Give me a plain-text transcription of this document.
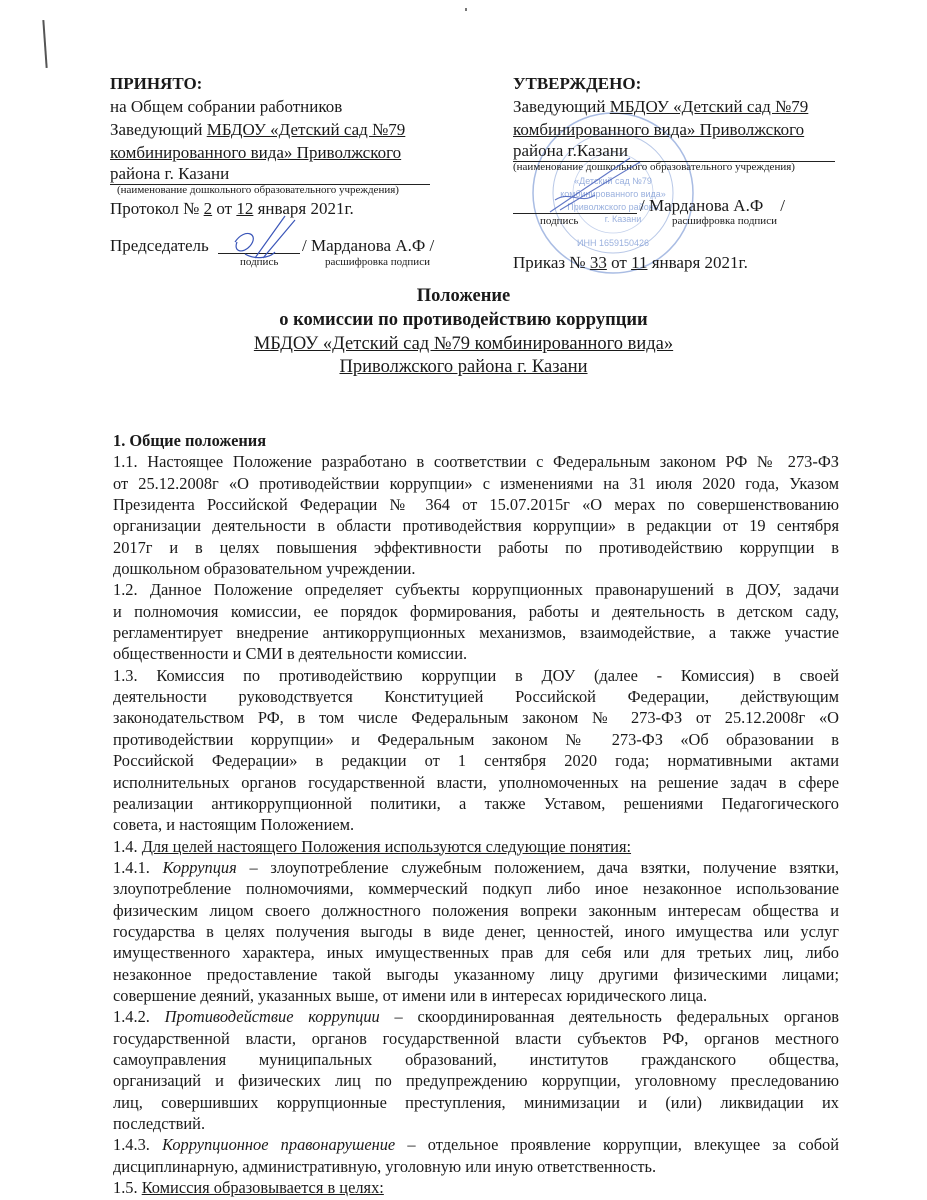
ПРИНЯТО:
на Общем собрании работников
Заведующий МБДОУ «Детский сад №79
комбинированного вида» Приволжского
района г. Казани
(наименование дошкольного образовательного учреждения)
Протокол № 2 от 12 января 2021г.
Председатель	/ Марданова А.Ф /
подпись	расшифровка подписи
«Детский сад №79
комбинированного вида»
Приволжского района
г. Казани
ИНН 1659150426
УТВЕРЖДЕНО:
Заведующий МБДОУ «Детский сад №79
комбинированного вида» Приволжского
района г.Казани
(наименование дошкольного образовательного учреждения)
/ Марданова А.Ф    /
подпись	расшифровка подписи
Приказ № 33 от 11 января 2021г.
Положение
о комиссии по противодействию коррупции
МБДОУ «Детский сад №79 комбинированного вида»
Приволжского района г. Казани
1. Общие положения
1.1. Настоящее Положение разработано в соответствии с Федеральным законом РФ № 273-ФЗ
от 25.12.2008г «О противодействии коррупции» с изменениями на 31 июля 2020 года, Указом
Президента Российской Федерации № 364 от 15.07.2015г «О мерах по совершенствованию
организации деятельности в области противодействия коррупции» в редакции от 19 сентября
2017г и в целях повышения эффективности работы по противодействию коррупции в
дошкольном образовательном учреждении.
1.2. Данное Положение определяет субъекты коррупционных правонарушений в ДОУ, задачи
и полномочия комиссии, ее порядок формирования, работы и деятельность в детском саду,
регламентирует внедрение антикоррупционных механизмов, взаимодействие, а также участие
общественности и СМИ в деятельности комиссии.
1.3. Комиссия по противодействию коррупции в ДОУ (далее - Комиссия) в своей
деятельности руководствуется Конституцией Российской Федерации, действующим
законодательством РФ, в том числе Федеральным законом № 273-ФЗ от 25.12.2008г «О
противодействии коррупции» и Федеральным законом № 273-ФЗ «Об образовании в
Российской Федерации» в редакции от 1 сентября 2020 года; нормативными актами
исполнительных органов государственной власти, уполномоченных на решение задач в сфере
реализации антикоррупционной политики, а также Уставом, решениями Педагогического
совета, и настоящим Положением.
1.4. Для целей настоящего Положения используются следующие понятия:
1.4.1. Коррупция – злоупотребление служебным положением, дача взятки, получение взятки,
злоупотребление полномочиями, коммерческий подкуп либо иное незаконное использование
физическим лицом своего должностного положения вопреки законным интересам общества и
государства в целях получения выгоды в виде денег, ценностей, иного имущества или услуг
имущественного характера, иных имущественных прав для себя или для третьих лиц, либо
незаконное предоставление такой выгоды указанному лицу другими физическими лицами;
совершение деяний, указанных выше, от имени или в интересах юридического лица.
1.4.2. Противодействие коррупции – скоординированная деятельность федеральных органов
государственной власти, органов государственной власти субъектов РФ, органов местного
самоуправления муниципальных образований, институтов гражданского общества,
организаций и физических лиц по предупреждению коррупции, уголовному преследованию
лиц, совершивших коррупционные преступления, минимизации и (или) ликвидации их
последствий.
1.4.3. Коррупционное правонарушение – отдельное проявление коррупции, влекущее за собой
дисциплинарную, административную, уголовную или иную ответственность.
1.5. Комиссия образовывается в целях:
